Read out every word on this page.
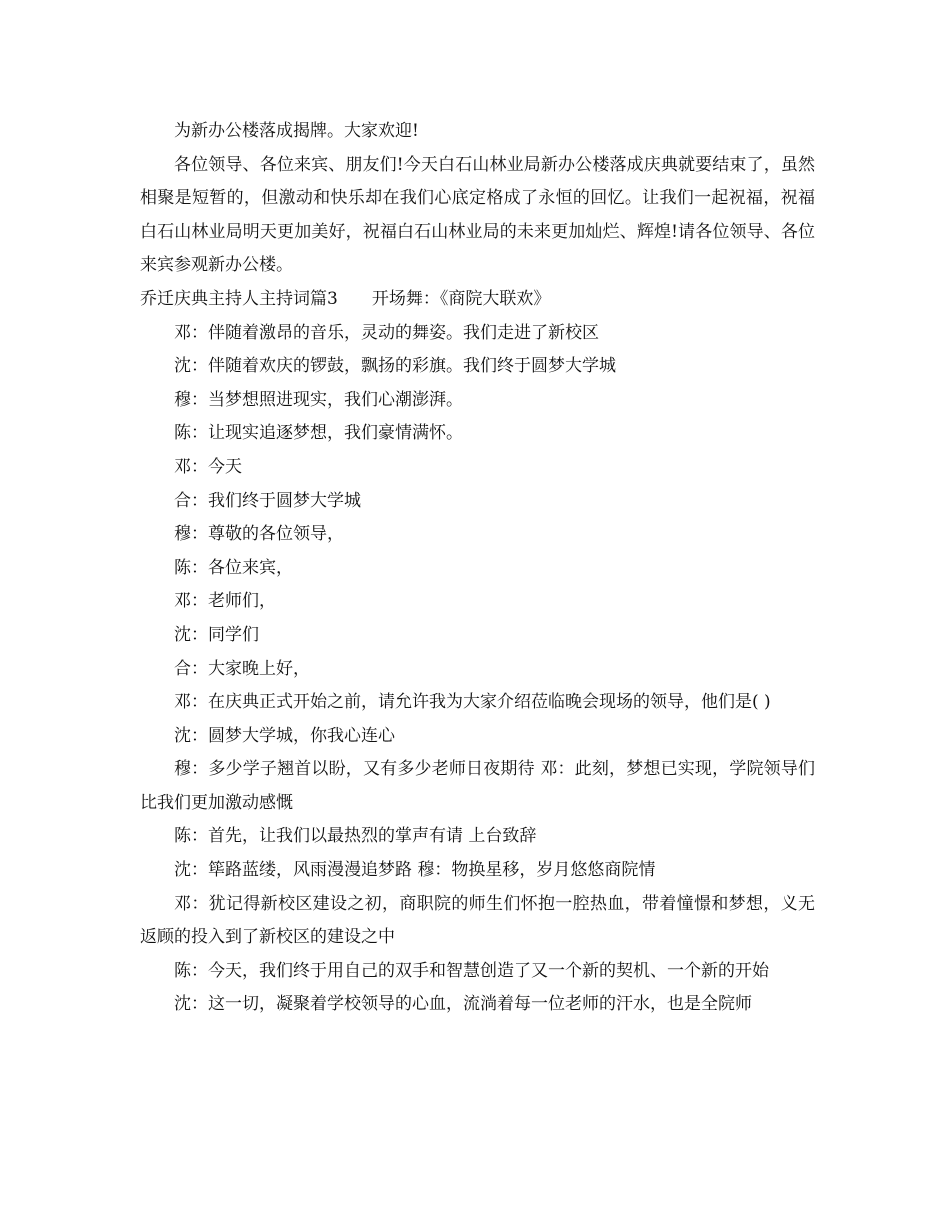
为新办公楼落成揭牌。大家欢迎!

各位领导、各位来宾、朋友们!今天白石山林业局新办公楼落成庆典就要结束了，虽然相聚是短暂的，但激动和快乐却在我们心底定格成了永恒的回忆。让我们一起祝福，祝福白石山林业局明天更加美好，祝福白石山林业局的未来更加灿烂、辉煌!请各位领导、各位来宾参观新办公楼。

乔迁庆典主持人主持词篇3　　开场舞：《商院大联欢》

邓：伴随着激昂的音乐，灵动的舞姿。我们走进了新校区

沈：伴随着欢庆的锣鼓，飘扬的彩旗。我们终于圆梦大学城

穆：当梦想照进现实，我们心潮澎湃。

陈：让现实追逐梦想，我们豪情满怀。

邓：今天

合：我们终于圆梦大学城

穆：尊敬的各位领导，

陈：各位来宾，

邓：老师们，

沈：同学们

合：大家晚上好，

邓：在庆典正式开始之前，请允许我为大家介绍莅临晚会现场的领导，他们是( )

沈：圆梦大学城，你我心连心

穆：多少学子翘首以盼，又有多少老师日夜期待 邓：此刻，梦想已实现，学院领导们比我们更加激动感慨

陈：首先，让我们以最热烈的掌声有请 上台致辞

沈：筚路蓝缕，风雨漫漫追梦路 穆：物换星移，岁月悠悠商院情

邓：犹记得新校区建设之初，商职院的师生们怀抱一腔热血，带着憧憬和梦想，义无返顾的投入到了新校区的建设之中

陈：今天，我们终于用自己的双手和智慧创造了又一个新的契机、一个新的开始

沈：这一切，凝聚着学校领导的心血，流淌着每一位老师的汗水，也是全院师
